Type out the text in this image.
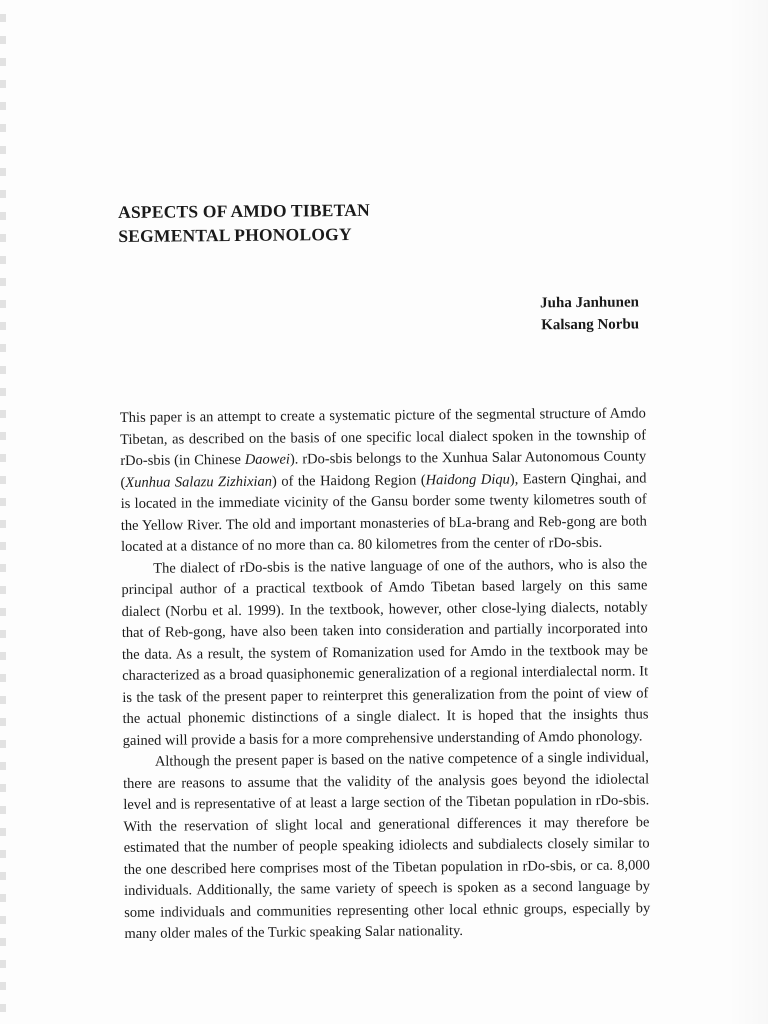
ASPECTS OF AMDO TIBETAN
SEGMENTAL PHONOLOGY
Juha Janhunen
Kalsang Norbu

This paper is an attempt to create a systematic picture of the segmental structure of Amdo Tibetan, as described on the basis of one specific local dialect spoken in the township of rDo-sbis (in Chinese Daowei). rDo-sbis belongs to the Xunhua Salar Autonomous County (Xunhua Salazu Zizhixian) of the Haidong Region (Haidong Diqu), Eastern Qinghai, and is located in the immediate vicinity of the Gansu border some twenty kilometres south of the Yellow River. The old and important monasteries of bLa-brang and Reb-gong are both located at a distance of no more than ca. 80 kilometres from the center of rDo-sbis.

The dialect of rDo-sbis is the native language of one of the authors, who is also the principal author of a practical textbook of Amdo Tibetan based largely on this same dialect (Norbu et al. 1999). In the textbook, however, other close-lying dialects, notably that of Reb-gong, have also been taken into consideration and partially incorporated into the data. As a result, the system of Romanization used for Amdo in the textbook may be characterized as a broad quasiphonemic generalization of a regional interdialectal norm. It is the task of the present paper to reinterpret this generalization from the point of view of the actual phonemic distinctions of a single dialect. It is hoped that the insights thus gained will provide a basis for a more comprehensive understanding of Amdo phonology.

Although the present paper is based on the native competence of a single individual, there are reasons to assume that the validity of the analysis goes beyond the idiolectal level and is representative of at least a large section of the Tibetan population in rDo-sbis. With the reservation of slight local and generational differences it may therefore be estimated that the number of people speaking idiolects and subdialects closely similar to the one described here comprises most of the Tibetan population in rDo-sbis, or ca. 8,000 individuals. Additionally, the same variety of speech is spoken as a second language by some individuals and communities representing other local ethnic groups, especially by many older males of the Turkic speaking Salar nationality.
